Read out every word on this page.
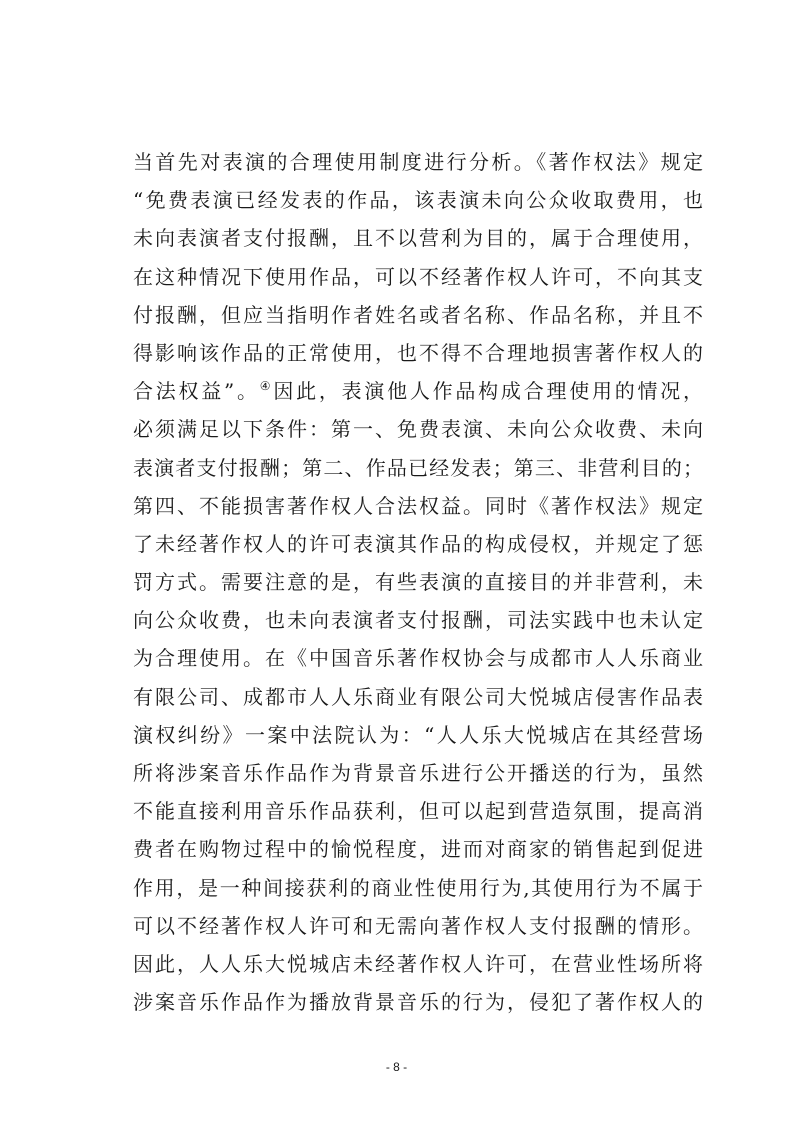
当首先对表演的合理使用制度进行分析。《著作权法》规定
“免费表演已经发表的作品，该表演未向公众收取费用，也
未向表演者支付报酬，且不以营利为目的，属于合理使用，
在这种情况下使用作品，可以不经著作权人许可，不向其支
付报酬，但应当指明作者姓名或者名称、作品名称，并且不
得影响该作品的正常使用，也不得不合理地损害著作权人的
合法权益”。④因此，表演他人作品构成合理使用的情况，
必须满足以下条件：第一、免费表演、未向公众收费、未向
表演者支付报酬；第二、作品已经发表；第三、非营利目的；
第四、不能损害著作权人合法权益。同时《著作权法》规定
了未经著作权人的许可表演其作品的构成侵权，并规定了惩
罚方式。需要注意的是，有些表演的直接目的并非营利，未
向公众收费，也未向表演者支付报酬，司法实践中也未认定
为合理使用。在《中国音乐著作权协会与成都市人人乐商业
有限公司、成都市人人乐商业有限公司大悦城店侵害作品表
演权纠纷》一案中法院认为：“人人乐大悦城店在其经营场
所将涉案音乐作品作为背景音乐进行公开播送的行为，虽然
不能直接利用音乐作品获利，但可以起到营造氛围，提高消
费者在购物过程中的愉悦程度，进而对商家的销售起到促进
作用，是一种间接获利的商业性使用行为,其使用行为不属于
可以不经著作权人许可和无需向著作权人支付报酬的情形。
因此，人人乐大悦城店未经著作权人许可，在营业性场所将
涉案音乐作品作为播放背景音乐的行为，侵犯了著作权人的
- 8 -
